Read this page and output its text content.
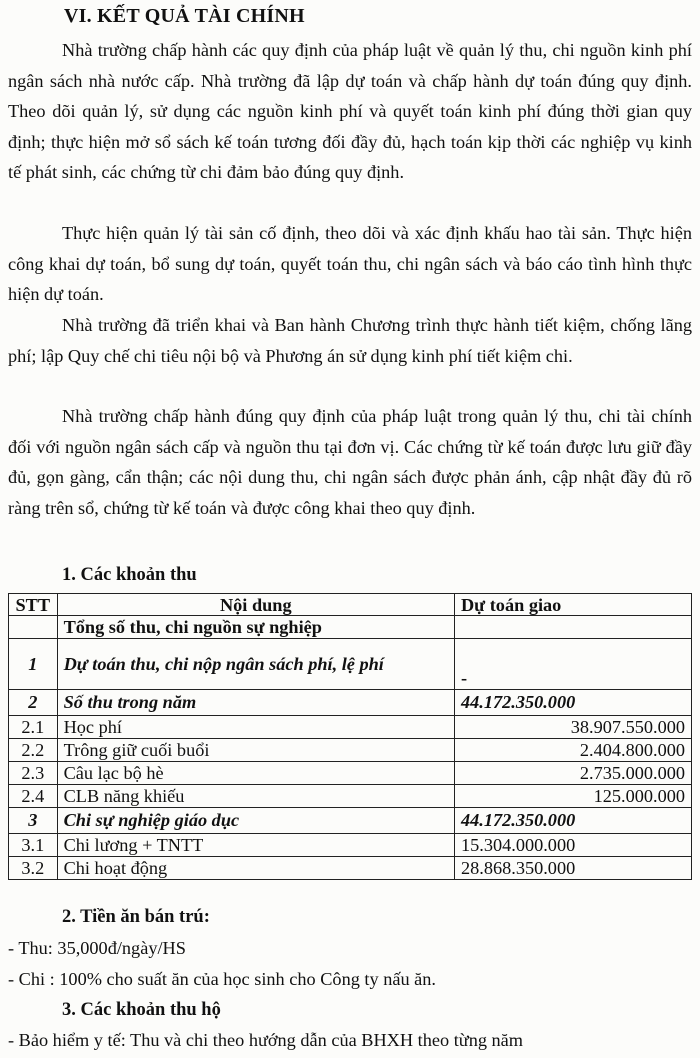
VI. KẾT QUẢ TÀI CHÍNH

Nhà trường chấp hành các quy định của pháp luật về quản lý thu, chi nguồn kinh phí ngân sách nhà nước cấp. Nhà trường đã lập dự toán và chấp hành dự toán đúng quy định. Theo dõi quản lý, sử dụng các nguồn kinh phí và quyết toán kinh phí đúng thời gian quy định; thực hiện mở sổ sách kế toán tương đối đầy đủ, hạch toán kịp thời các nghiệp vụ kinh tế phát sinh, các chứng từ chi đảm bảo đúng quy định.

Thực hiện quản lý tài sản cố định, theo dõi và xác định khấu hao tài sản. Thực hiện công khai dự toán, bổ sung dự toán, quyết toán thu, chi ngân sách và báo cáo tình hình thực hiện dự toán.

Nhà trường đã triển khai và Ban hành Chương trình thực hành tiết kiệm, chống lãng phí; lập Quy chế chi tiêu nội bộ và Phương án sử dụng kinh phí tiết kiệm chi.

Nhà trường chấp hành đúng quy định của pháp luật trong quản lý thu, chi tài chính đối với nguồn ngân sách cấp và nguồn thu tại đơn vị. Các chứng từ kế toán được lưu giữ đầy đủ, gọn gàng, cẩn thận; các nội dung thu, chi ngân sách được phản ánh, cập nhật đầy đủ rõ ràng trên sổ, chứng từ kế toán và được công khai theo quy định.

1. Các khoản thu
STT	Nội dung	Dự toán giao
	Tổng số thu, chi nguồn sự nghiệp	
1	Dự toán thu, chi nộp ngân sách phí, lệ phí	-
2	Số thu trong năm	44.172.350.000
2.1	Học phí	38.907.550.000
2.2	Trông giữ cuối buổi	2.404.800.000
2.3	Câu lạc bộ hè	2.735.000.000
2.4	CLB năng khiếu	125.000.000
3	Chi sự nghiệp giáo dục	44.172.350.000
3.1	Chi lương + TNTT	15.304.000.000
3.2	Chi hoạt động	28.868.350.000
2. Tiền ăn bán trú:
- Thu: 35,000đ/ngày/HS
- Chi : 100% cho suất ăn của học sinh cho Công ty nấu ăn.
3. Các khoản thu hộ
- Bảo hiểm y tế: Thu và chi theo hướng dẫn của BHXH theo từng năm
